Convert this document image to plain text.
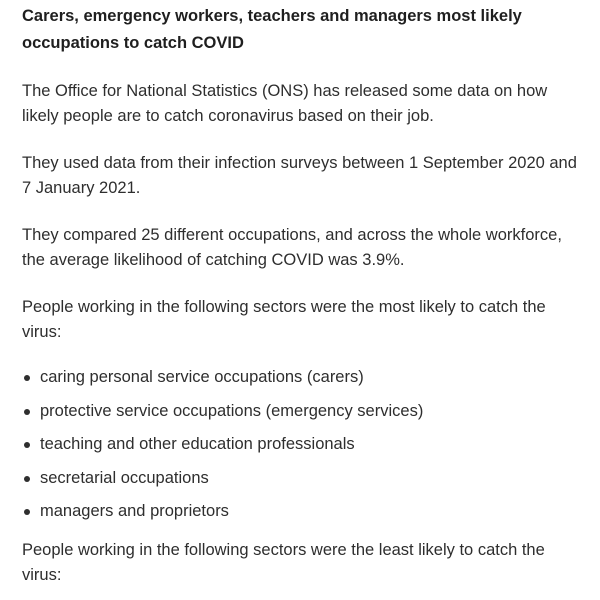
Carers, emergency workers, teachers and managers most likely occupations to catch COVID

The Office for National Statistics (ONS) has released some data on how likely people are to catch coronavirus based on their job.

They used data from their infection surveys between 1 September 2020 and 7 January 2021.

They compared 25 different occupations, and across the whole workforce, the average likelihood of catching COVID was 3.9%.

People working in the following sectors were the most likely to catch the virus:

caring personal service occupations (carers)
protective service occupations (emergency services)
teaching and other education professionals
secretarial occupations
managers and proprietors

People working in the following sectors were the least likely to catch the virus:
